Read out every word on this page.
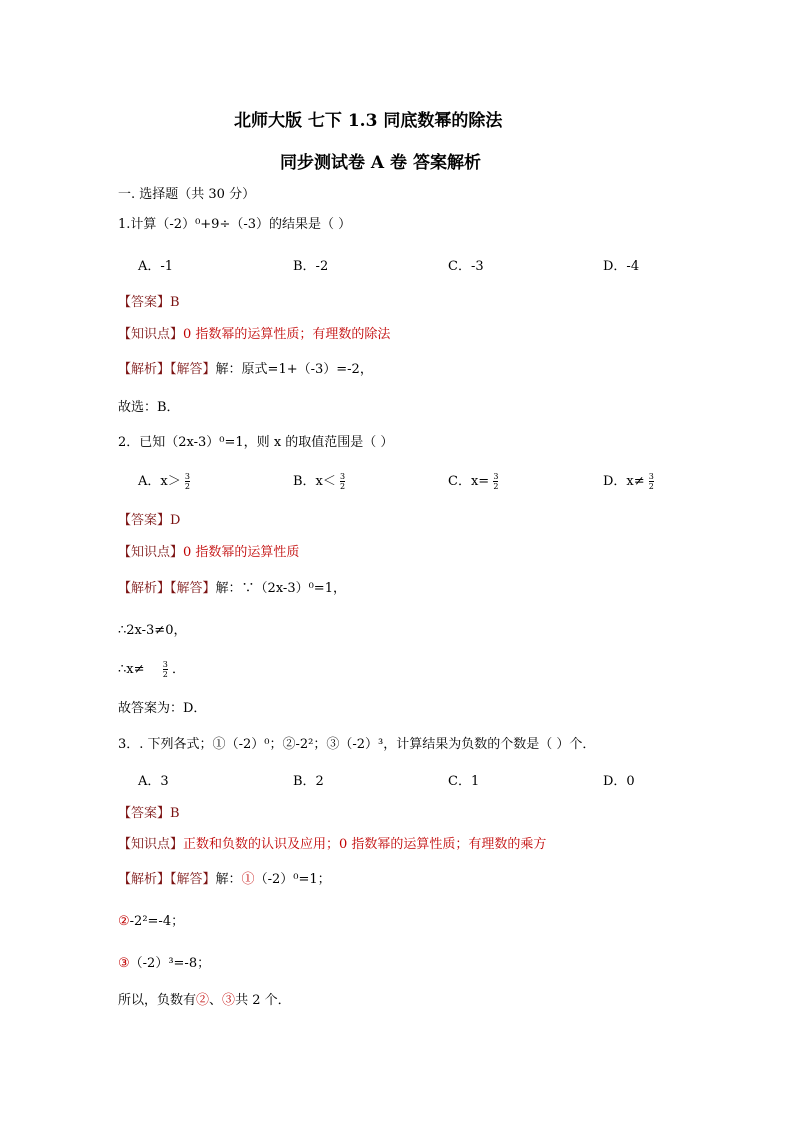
北师大版 七下 1.3 同底数幂的除法
同步测试卷 A 卷 答案解析
一. 选择题（共 30 分）
1.计算（-2）⁰+9÷（-3）的结果是（ ）
A．-1	B．-2	C．-3	D．-4
【答案】B
【知识点】0 指数幂的运算性质；有理数的除法
【解析】【解答】解：原式=1+（-3）=-2，
故选：B．
2．已知（2x-3）⁰=1，则 x 的取值范围是（ ）
A．$x> \frac{3}{2}$	B．$x< \frac{3}{2}$	C．$x= \frac{3}{2}$	D．$x\ne \frac{3}{2}$
【答案】D
【知识点】0 指数幂的运算性质
【解析】【解答】解：∵（2x-3）⁰=1，
∴2x-3≠0，
∴x≠ $\frac{3}{2}$ ．
故答案为：D．
3．. 下列各式；①（-2）⁰；②-2²；③（-2）³，计算结果为负数的个数是（ ）个．
A．3	B．2	C．1	D．0
【答案】B
【知识点】正数和负数的认识及应用；0 指数幂的运算性质；有理数的乘方
【解析】【解答】解：①（-2）⁰=1；
②-2²=-4；
③（-2）³=-8；
所以，负数有②、③共 2 个．
